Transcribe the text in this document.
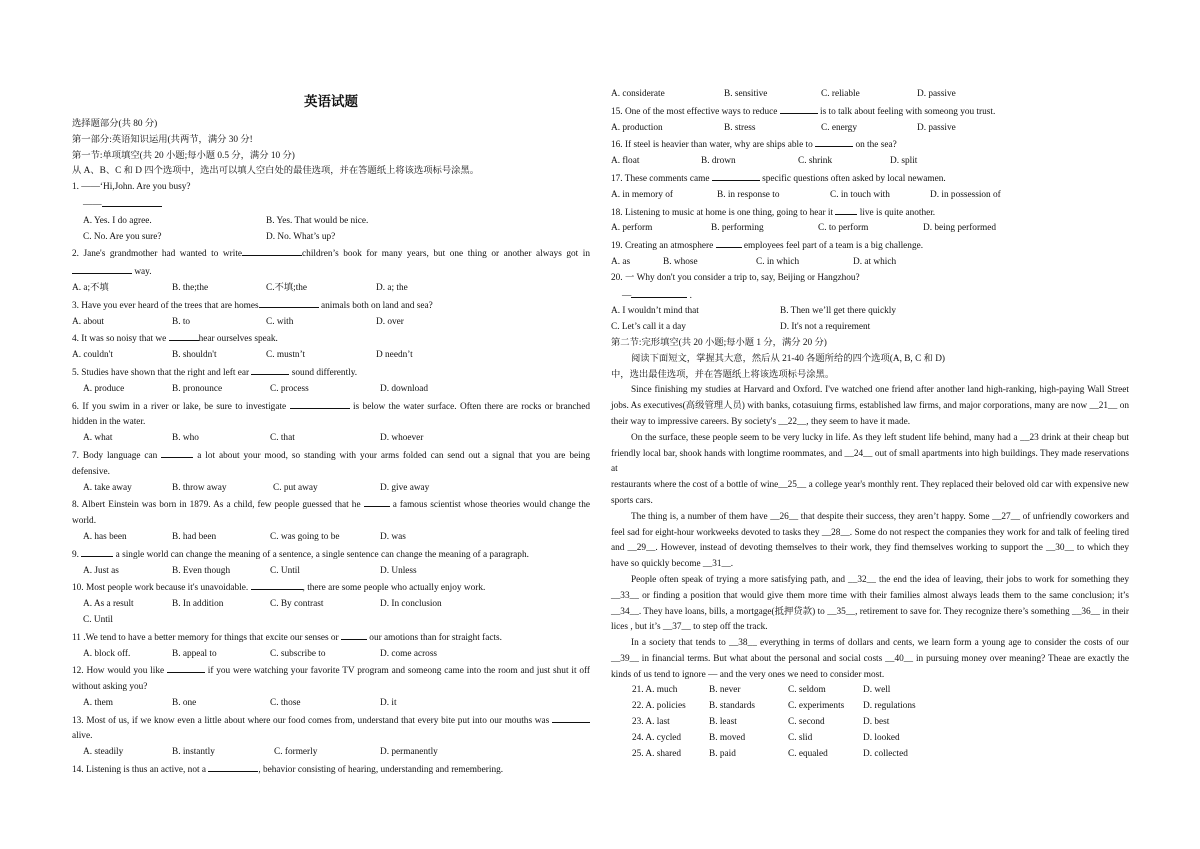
英语试题

选择题部分(共 80 分)

第一部分:英语知识运用(共两节，满分 30 分!

第一节:单项填空(共 20 小题;每小题 0.5 分，满分 10 分)

从 A、B、C 和 D 四个选项中，选出可以填人空白处的最佳选项，并在答题纸上将该选项标号涂黑。

1. ——‘Hi,John. Are you busy?

——

A. Yes. I do agree.	B. Yes. That would be nice.
C. No. Are you sure?	D. No. What’s up?

2. Jane's grandmother had wanted to write	children’s book for many years, but one thing or another always got in  way.

A. a;不填	B. the;the	C.不填;the	D. a; the

3. Have you ever heard of the trees that are homes	animals both on land and sea?

A. about	B. to	C. with	D. over

4. It was so noisy that we	hear ourselves speak.

A. couldn't	B. shouldn't	C. mustn’t	D needn’t

5. Studies have shown that the right and left ear	sound differently.

A. produce	B. pronounce	C. process	D. download

6. If you swim in a river or lake, be sure to investigate	is below the water surface. Often there are rocks or branched hidden in the water.

A. what	B. who	C. that	D. whoever

7. Body language can	a lot about your mood, so standing with your arms folded can send out a signal that you are being defensive.

A. take away	B. throw away	C. put away	D. give away

8. Albert Einstein was born in 1879. As a child, few people guessed that he	a famous scientist whose theories would change the world.

A. has been	B. had been	C. was going to be	D. was

9.	a single world can change the meaning of a sentence, a single sentence can change the meaning of a paragraph.

A. Just as	B. Even though	C. Until	D. Unless

10. Most people work because it's unavoidable.	, there are some people who actually enjoy work.

A. As a result	B. In addition	C. By contrast	D. In conclusion

C. Until

11 .We tend to have a better memory for things that excite our senses or	our amotions than for straight facts.

A. block off.	B. appeal to	C. subscribe to	D. come across

12. How would you like	if you were watching your favorite TV program and someong came into the room and just shut it off without asking you?

A. them	B. one	C. those	D. it

13. Most of us, if we know even a little about where our food comes from, understand that every bite put into our mouths was  alive.

A. steadily	B. instantly	C. formerly	D. permanently

14. Listening is thus an active, not a	, behavior consisting of hearing, understanding and remembering.

A. considerate	B. sensitive	C. reliable	D. passive

15. One of the most effective ways to reduce	is to talk about feeling with someong you trust.

A. production	B. stress	C. energy	D. passive

16. If steel is heavier than water, why are ships able to	on the sea?

A. float	B. drown	C. shrink	D. split

17. These comments came	specific questions often asked by local newamen.

A. in memory of	B. in response to	C. in touch with	D. in possession of

18. Listening to music at home is one thing, going to hear it	live is quite another.

A. perform	B. performing	C. to perform	D. being performed

19. Creating an atmosphere	employees feel part of a team is a big challenge.

A. as	B. whose	C. in which	D. at which

20. 一 Why don't you consider a trip to, say, Beijing or Hangzhou?

—	.

A. I wouldn’t mind that	B. Then we’ll get there quickly
C. Let’s call it a day	D. It's not a requirement

第二节:完形填空(共 20 小题;每小题 1 分，满分 20 分)

阅读下面短文，掌握其大意，然后从 21-40 各题所给的四个选项(A, B, C 和 D)

中，选出最佳选项，并在答题纸上将该选项标号涂黑。

Since finishing my studies at Harvard and Oxford. I've watched one friend after another land high-ranking, high-paying Wall Street jobs. As executives(高级管理人员) with banks, cotasuiung firms, established law firms, and major corporations, many are now __21__ on their way to impressive careers. By society's __22__, they seem to have it made.

On the surface, these people seem to be very lucky in life. As they left student life behind, many had a __23 drink at their cheap but friendly local bar, shook hands with longtime roommates, and __24__ out of small apartments into high buildings. They made reservations at

restaurants where the cost of a bottle of wine__25__ a college year's monthly rent. They replaced their beloved old car with expensive new sports cars.

The thing is, a number of them have __26__ that despite their success, they aren’t happy. Some __27__ of unfriendly coworkers and feel sad for eight-hour workweeks devoted to tasks they __28__. Some do not respect the companies they work for and talk of feeling tired and __29__. However, instead of devoting themselves to their work, they find themselves working to support the __30__ to which they have so quickly become __31__.

People often speak of trying a more satisfying path, and __32__ the end the idea of leaving, their jobs to work for something they __33__ or finding a position that would give them more time with their families almost always leads them to the same conclusion; it’s __34__. They have loans, bills, a mortgage(抵押贷款) to __35__, retirement to save for. They recognize there’s something __36__ in their lices , but it’s __37__ to step off the track.

In a society that tends to __38__ everything in terms of dollars and cents, we learn form a young age to consider the costs of our __39__ in financial terms. But what about the personal and social costs __40__ in pursuing money over meaning? Theae are exactly the kinds of us tend to ignore — and the very ones we need to consider most.

21. A. much	B. never	C. seldom	D. well
22. A. policies	B. standards	C. experiments	D. regulations
23. A. last	B. least	C. second	D. best
24. A. cycled	B. moved	C. slid	D. looked
25. A. shared	B. paid	C. equaled	D. collected
